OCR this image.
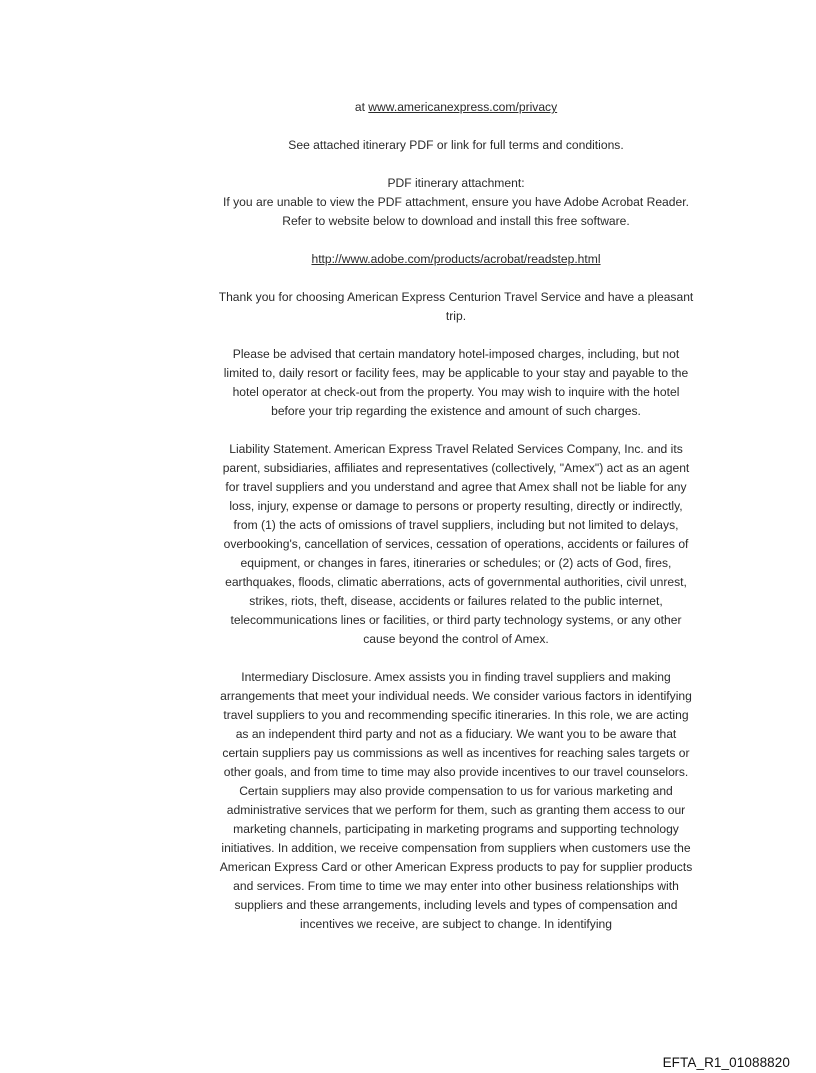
at www.americanexpress.com/privacy

See attached itinerary PDF or link for full terms and conditions.

PDF itinerary attachment:
If you are unable to view the PDF attachment, ensure you have Adobe Acrobat Reader. Refer to website below to download and install this free software.

http://www.adobe.com/products/acrobat/readstep.html

Thank you for choosing American Express Centurion Travel Service and have a pleasant trip.

Please be advised that certain mandatory hotel-imposed charges, including, but not limited to, daily resort or facility fees, may be applicable to your stay and payable to the hotel operator at check-out from the property. You may wish to inquire with the hotel before your trip regarding the existence and amount of such charges.

Liability Statement. American Express Travel Related Services Company, Inc. and its parent, subsidiaries, affiliates and representatives (collectively, "Amex") act as an agent for travel suppliers and you understand and agree that Amex shall not be liable for any loss, injury, expense or damage to persons or property resulting, directly or indirectly, from (1) the acts of omissions of travel suppliers, including but not limited to delays, overbooking's, cancellation of services, cessation of operations, accidents or failures of equipment, or changes in fares, itineraries or schedules; or (2) acts of God, fires, earthquakes, floods, climatic aberrations, acts of governmental authorities, civil unrest, strikes, riots, theft, disease, accidents or failures related to the public internet, telecommunications lines or facilities, or third party technology systems, or any other cause beyond the control of Amex.

Intermediary Disclosure. Amex assists you in finding travel suppliers and making arrangements that meet your individual needs. We consider various factors in identifying travel suppliers to you and recommending specific itineraries. In this role, we are acting as an independent third party and not as a fiduciary. We want you to be aware that certain suppliers pay us commissions as well as incentives for reaching sales targets or other goals, and from time to time may also provide incentives to our travel counselors. Certain suppliers may also provide compensation to us for various marketing and administrative services that we perform for them, such as granting them access to our marketing channels, participating in marketing programs and supporting technology initiatives. In addition, we receive compensation from suppliers when customers use the American Express Card or other American Express products to pay for supplier products and services. From time to time we may enter into other business relationships with suppliers and these arrangements, including levels and types of compensation and incentives we receive, are subject to change. In identifying

EFTA_R1_01088820
